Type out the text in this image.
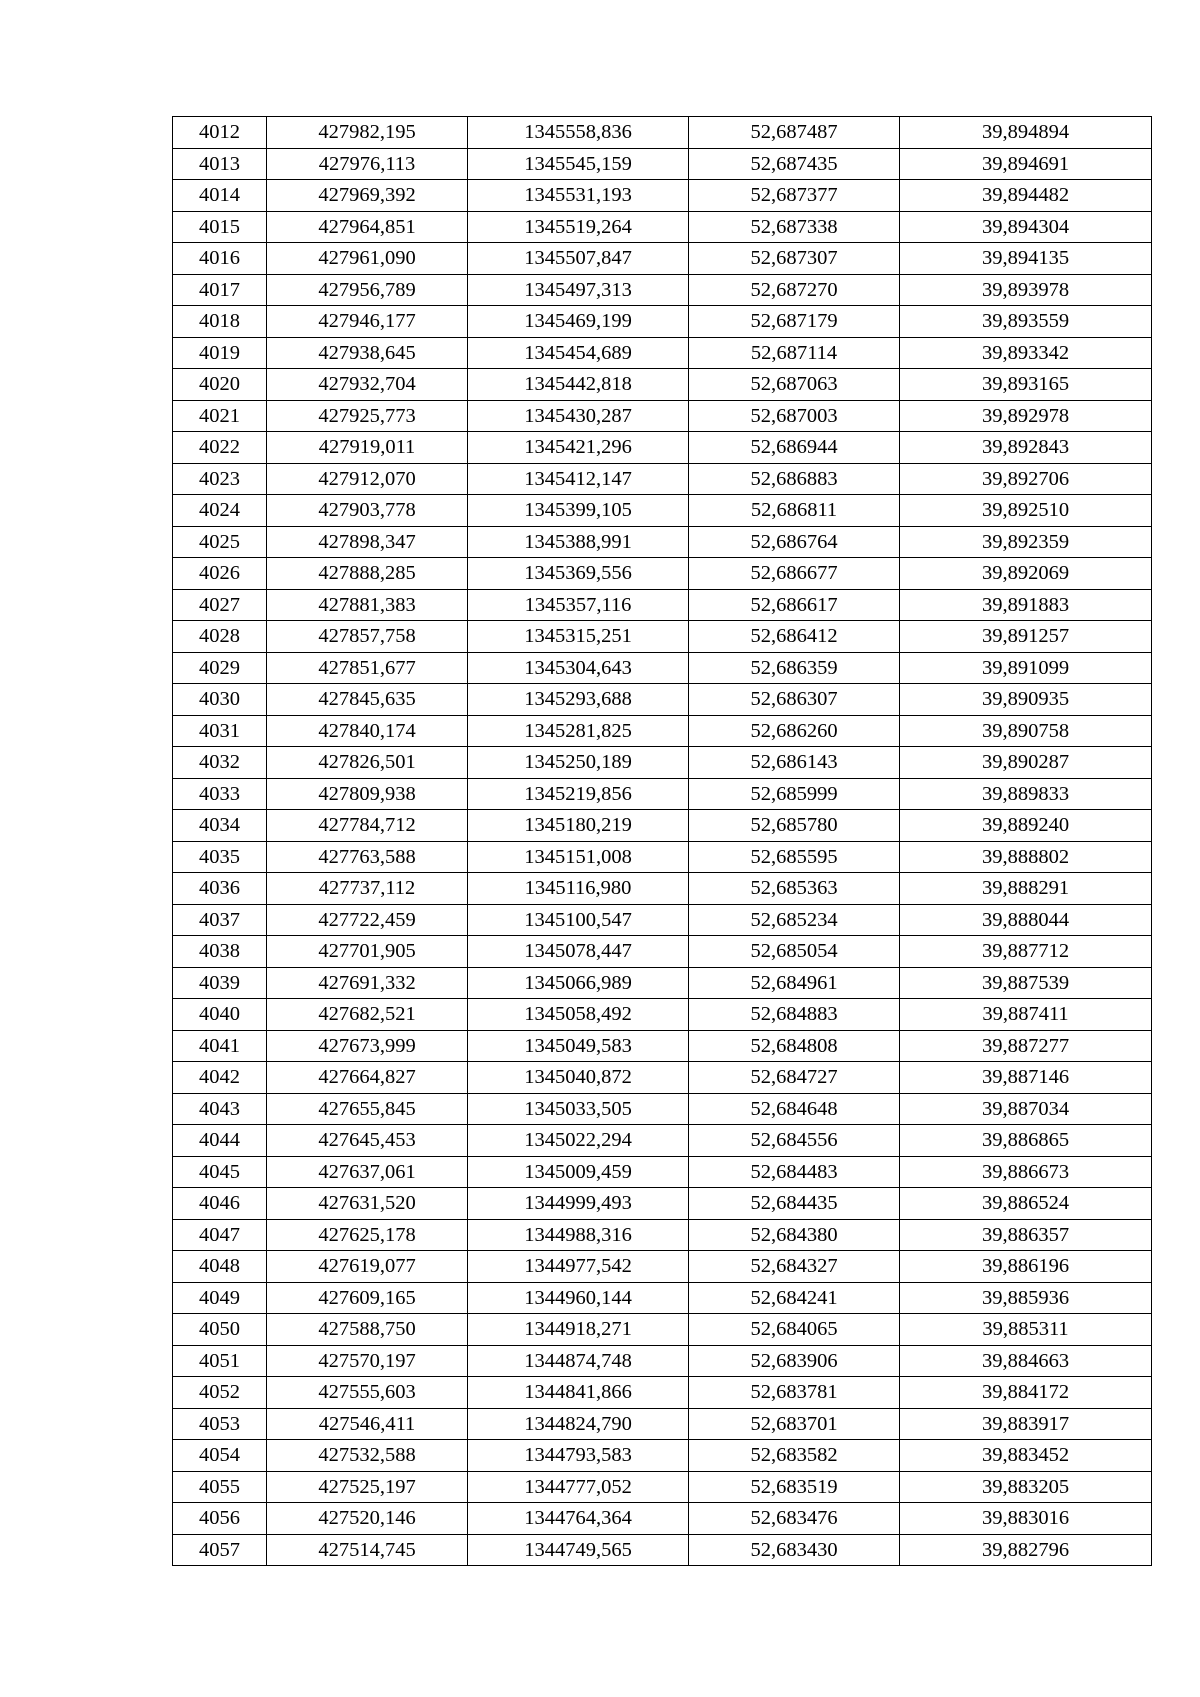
4012	427982,195	1345558,836	52,687487	39,894894
4013	427976,113	1345545,159	52,687435	39,894691
4014	427969,392	1345531,193	52,687377	39,894482
4015	427964,851	1345519,264	52,687338	39,894304
4016	427961,090	1345507,847	52,687307	39,894135
4017	427956,789	1345497,313	52,687270	39,893978
4018	427946,177	1345469,199	52,687179	39,893559
4019	427938,645	1345454,689	52,687114	39,893342
4020	427932,704	1345442,818	52,687063	39,893165
4021	427925,773	1345430,287	52,687003	39,892978
4022	427919,011	1345421,296	52,686944	39,892843
4023	427912,070	1345412,147	52,686883	39,892706
4024	427903,778	1345399,105	52,686811	39,892510
4025	427898,347	1345388,991	52,686764	39,892359
4026	427888,285	1345369,556	52,686677	39,892069
4027	427881,383	1345357,116	52,686617	39,891883
4028	427857,758	1345315,251	52,686412	39,891257
4029	427851,677	1345304,643	52,686359	39,891099
4030	427845,635	1345293,688	52,686307	39,890935
4031	427840,174	1345281,825	52,686260	39,890758
4032	427826,501	1345250,189	52,686143	39,890287
4033	427809,938	1345219,856	52,685999	39,889833
4034	427784,712	1345180,219	52,685780	39,889240
4035	427763,588	1345151,008	52,685595	39,888802
4036	427737,112	1345116,980	52,685363	39,888291
4037	427722,459	1345100,547	52,685234	39,888044
4038	427701,905	1345078,447	52,685054	39,887712
4039	427691,332	1345066,989	52,684961	39,887539
4040	427682,521	1345058,492	52,684883	39,887411
4041	427673,999	1345049,583	52,684808	39,887277
4042	427664,827	1345040,872	52,684727	39,887146
4043	427655,845	1345033,505	52,684648	39,887034
4044	427645,453	1345022,294	52,684556	39,886865
4045	427637,061	1345009,459	52,684483	39,886673
4046	427631,520	1344999,493	52,684435	39,886524
4047	427625,178	1344988,316	52,684380	39,886357
4048	427619,077	1344977,542	52,684327	39,886196
4049	427609,165	1344960,144	52,684241	39,885936
4050	427588,750	1344918,271	52,684065	39,885311
4051	427570,197	1344874,748	52,683906	39,884663
4052	427555,603	1344841,866	52,683781	39,884172
4053	427546,411	1344824,790	52,683701	39,883917
4054	427532,588	1344793,583	52,683582	39,883452
4055	427525,197	1344777,052	52,683519	39,883205
4056	427520,146	1344764,364	52,683476	39,883016
4057	427514,745	1344749,565	52,683430	39,882796
